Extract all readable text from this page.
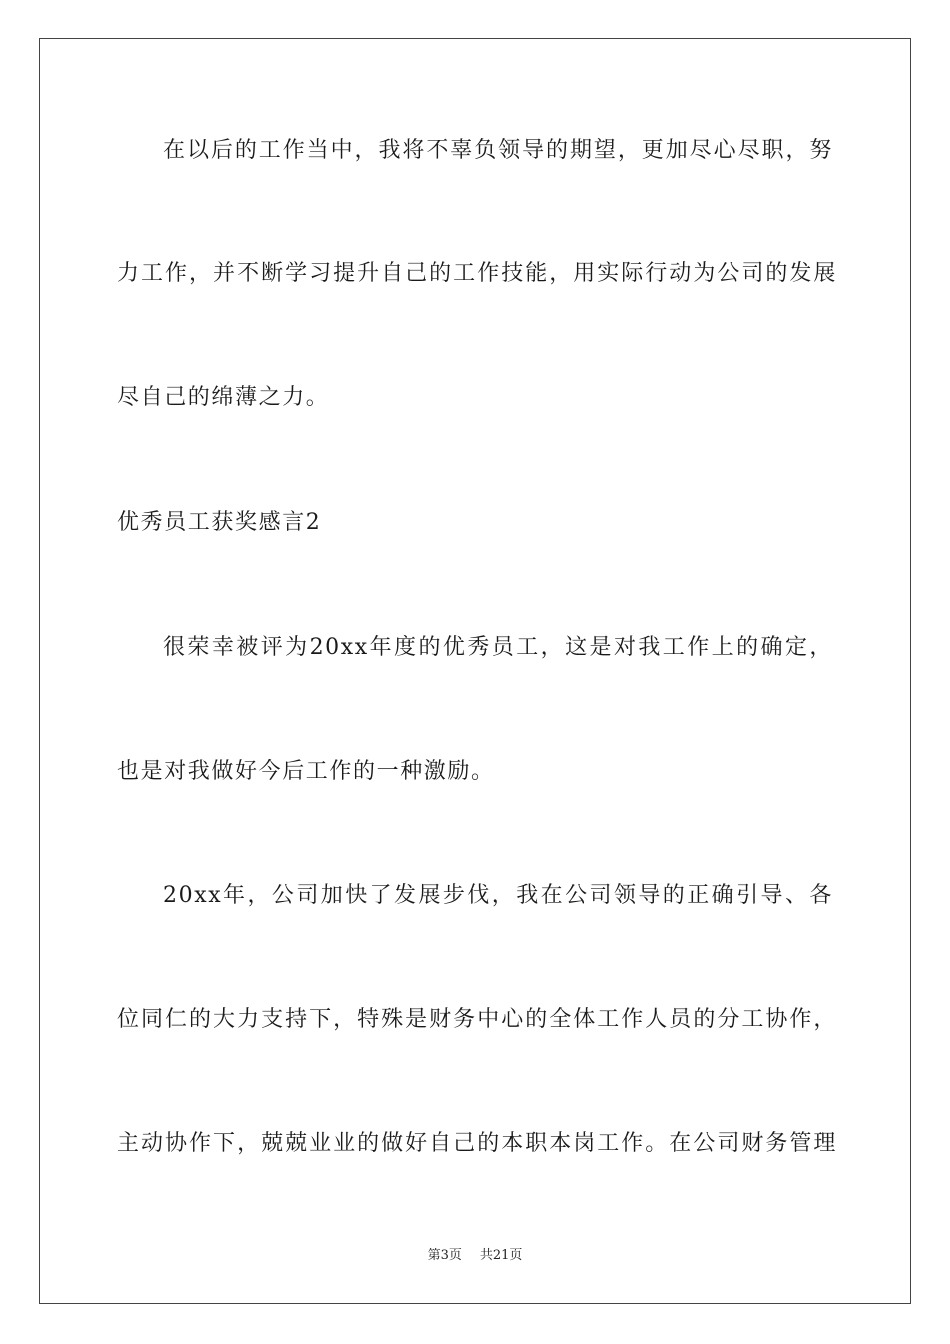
在以后的工作当中，我将不辜负领导的期望，更加尽心尽职，努
力工作，并不断学习提升自己的工作技能，用实际行动为公司的发展
尽自己的绵薄之力。
优秀员工获奖感言2
很荣幸被评为20xx年度的优秀员工，这是对我工作上的确定，
也是对我做好今后工作的一种激励。
20xx年，公司加快了发展步伐，我在公司领导的正确引导、各
位同仁的大力支持下，特殊是财务中心的全体工作人员的分工协作，
主动协作下，兢兢业业的做好自己的本职本岗工作。在公司财务管理
第3页 共21页
